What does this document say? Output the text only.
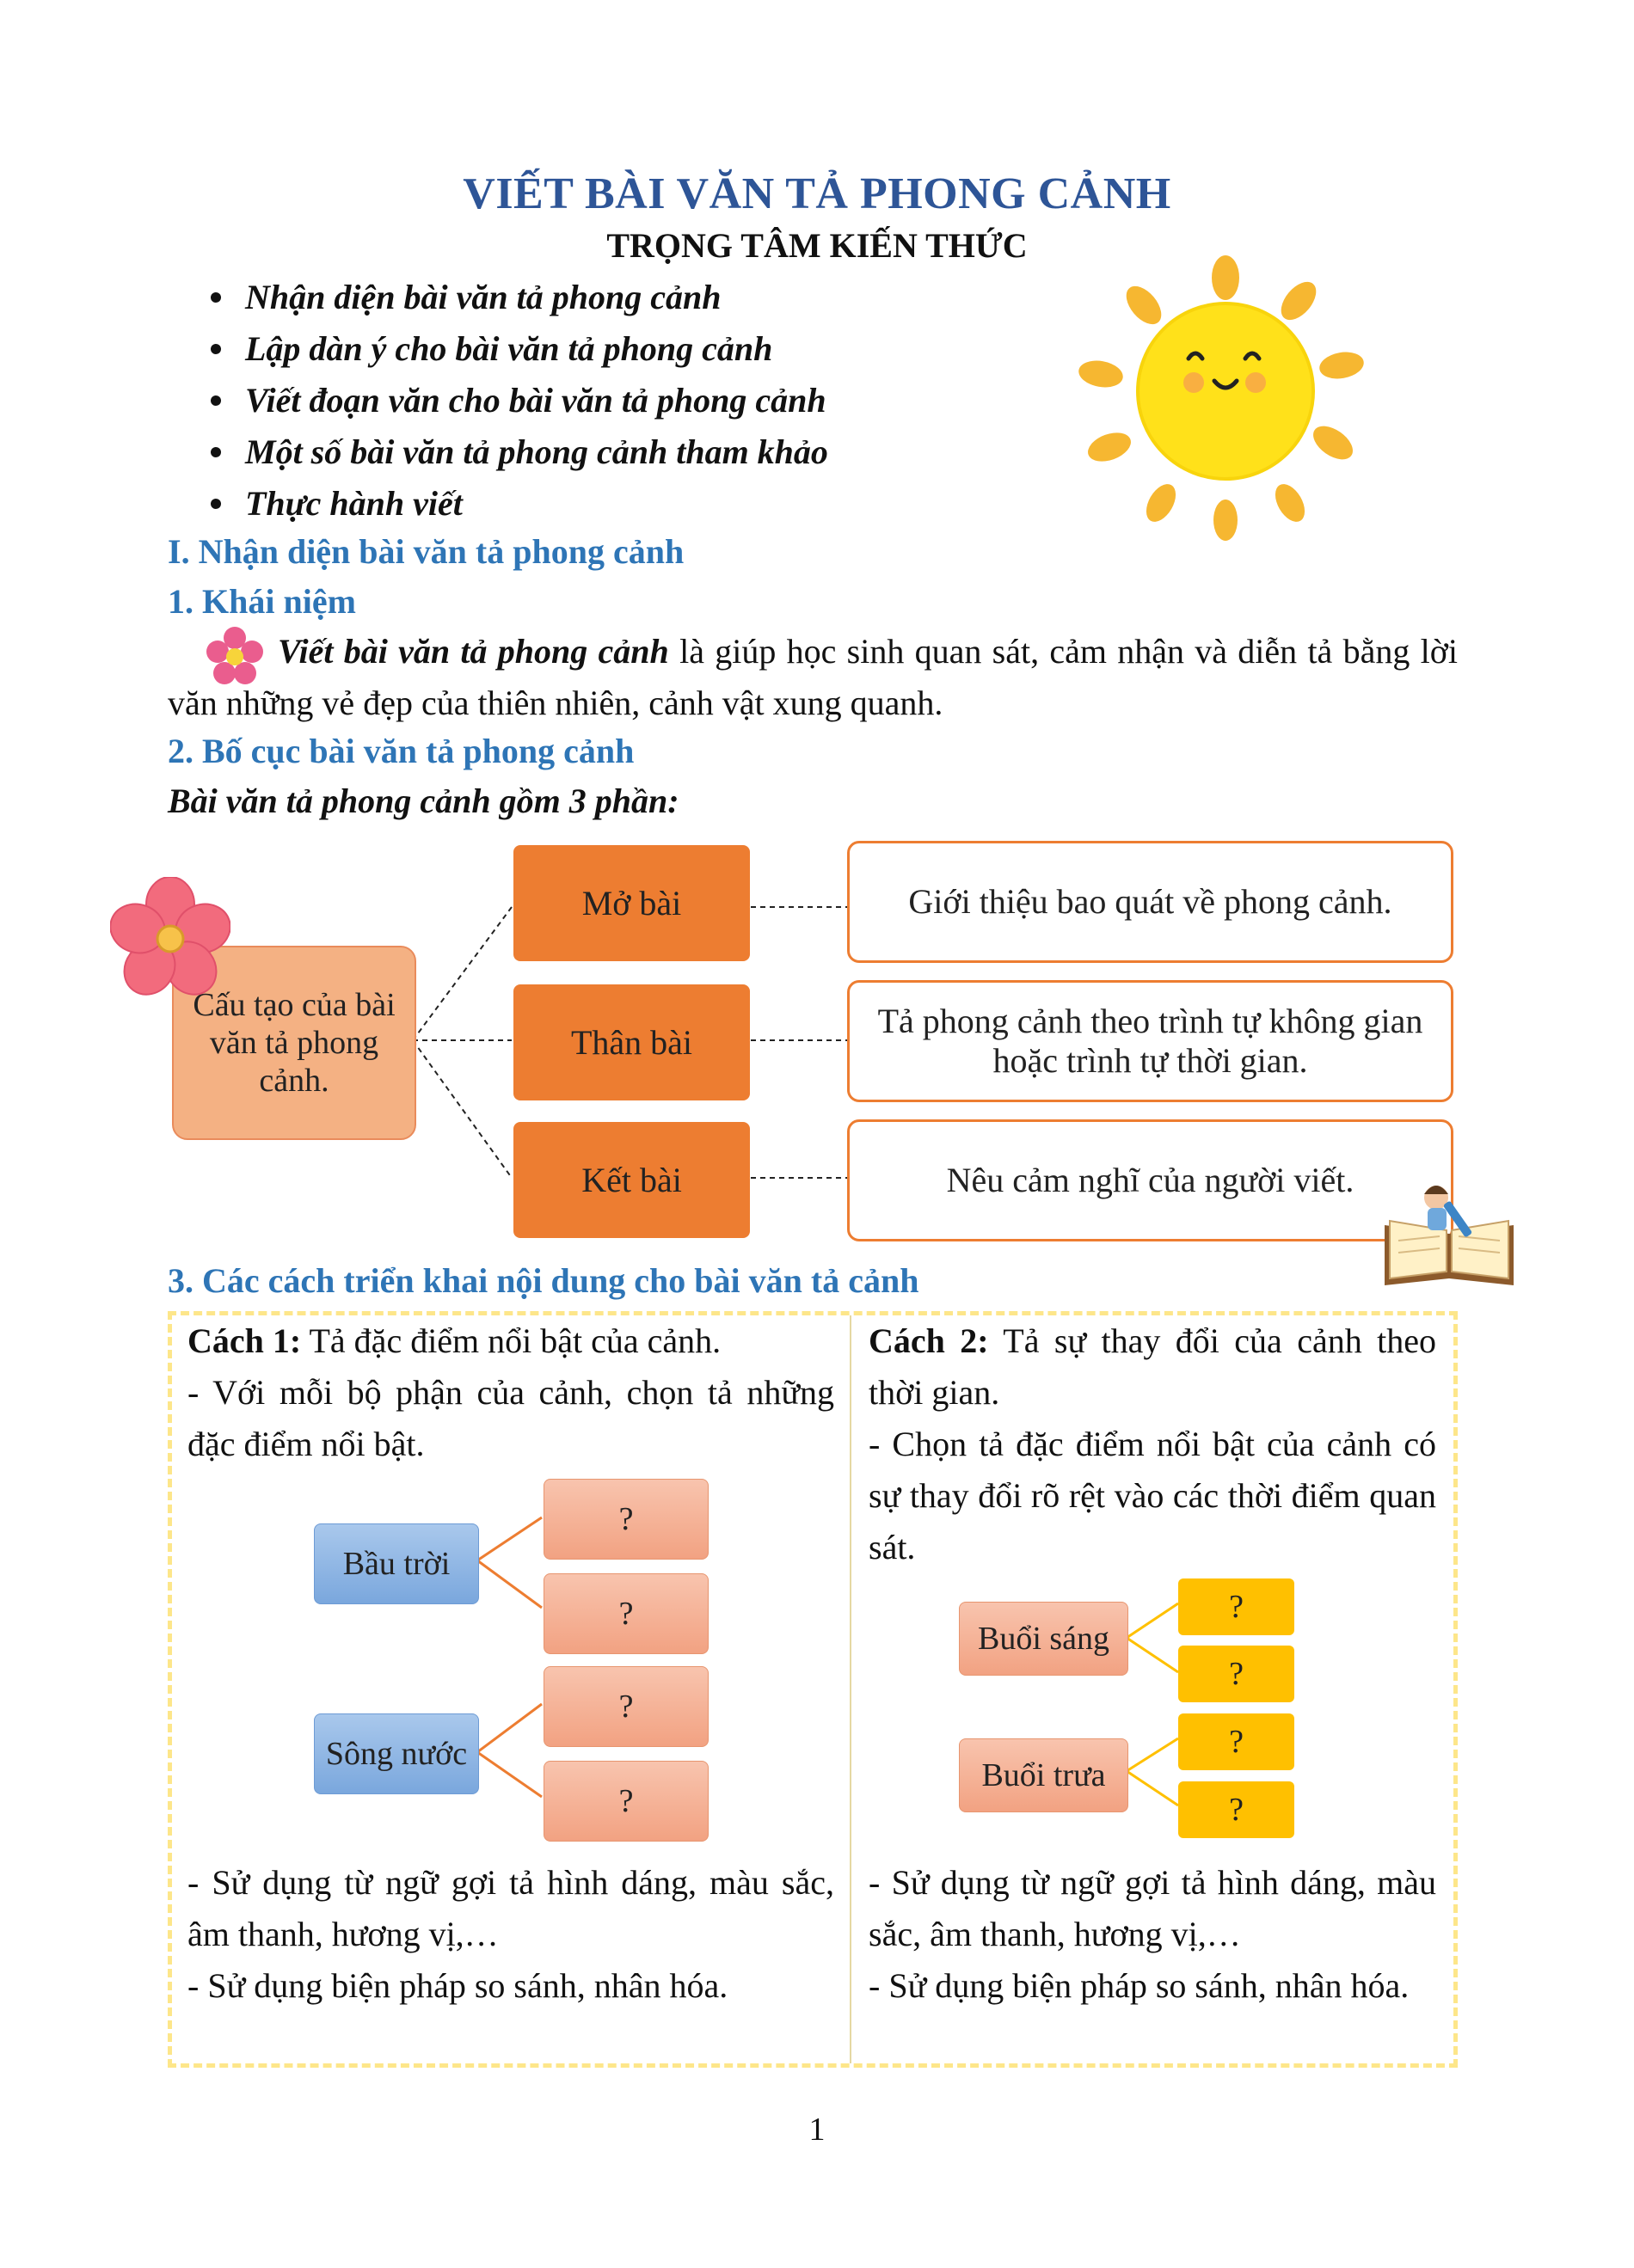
VIẾT BÀI VĂN TẢ PHONG CẢNH
TRỌNG TÂM KIẾN THỨC
Nhận diện bài văn tả phong cảnh
Lập dàn ý cho bài văn tả phong cảnh
Viết đoạn văn cho bài văn tả phong cảnh
Một số bài văn tả phong cảnh tham khảo
Thực hành viết
I. Nhận diện bài văn tả phong cảnh
1. Khái niệm
Viết bài văn tả phong cảnh là giúp học sinh quan sát, cảm nhận và diễn tả bằng lời văn những vẻ đẹp của thiên nhiên, cảnh vật xung quanh.
2. Bố cục bài văn tả phong cảnh
Bài văn tả phong cảnh gồm 3 phần:
Cấu tạo của bài văn tả phong cảnh.
Mở bài
Thân bài
Kết bài
Giới thiệu bao quát về phong cảnh.
Tả phong cảnh theo trình tự không gian hoặc trình tự thời gian.
Nêu cảm nghĩ của người viết.
3. Các cách triển khai nội dung cho bài văn tả cảnh
Cách 1: Tả đặc điểm nổi bật của cảnh.
- Với mỗi bộ phận của cảnh, chọn tả những đặc điểm nổi bật.
Bầu trời
Sông nước
?
?
?
?
- Sử dụng từ ngữ gợi tả hình dáng, màu sắc, âm thanh, hương vị,…
- Sử dụng biện pháp so sánh, nhân hóa.
Cách 2: Tả sự thay đổi của cảnh theo thời gian.
- Chọn tả đặc điểm nổi bật của cảnh có sự thay đổi rõ rệt vào các thời điểm quan sát.
Buổi sáng
Buổi trưa
?
?
?
?
- Sử dụng từ ngữ gợi tả hình dáng, màu sắc, âm thanh, hương vị,…
- Sử dụng biện pháp so sánh, nhân hóa.
1
